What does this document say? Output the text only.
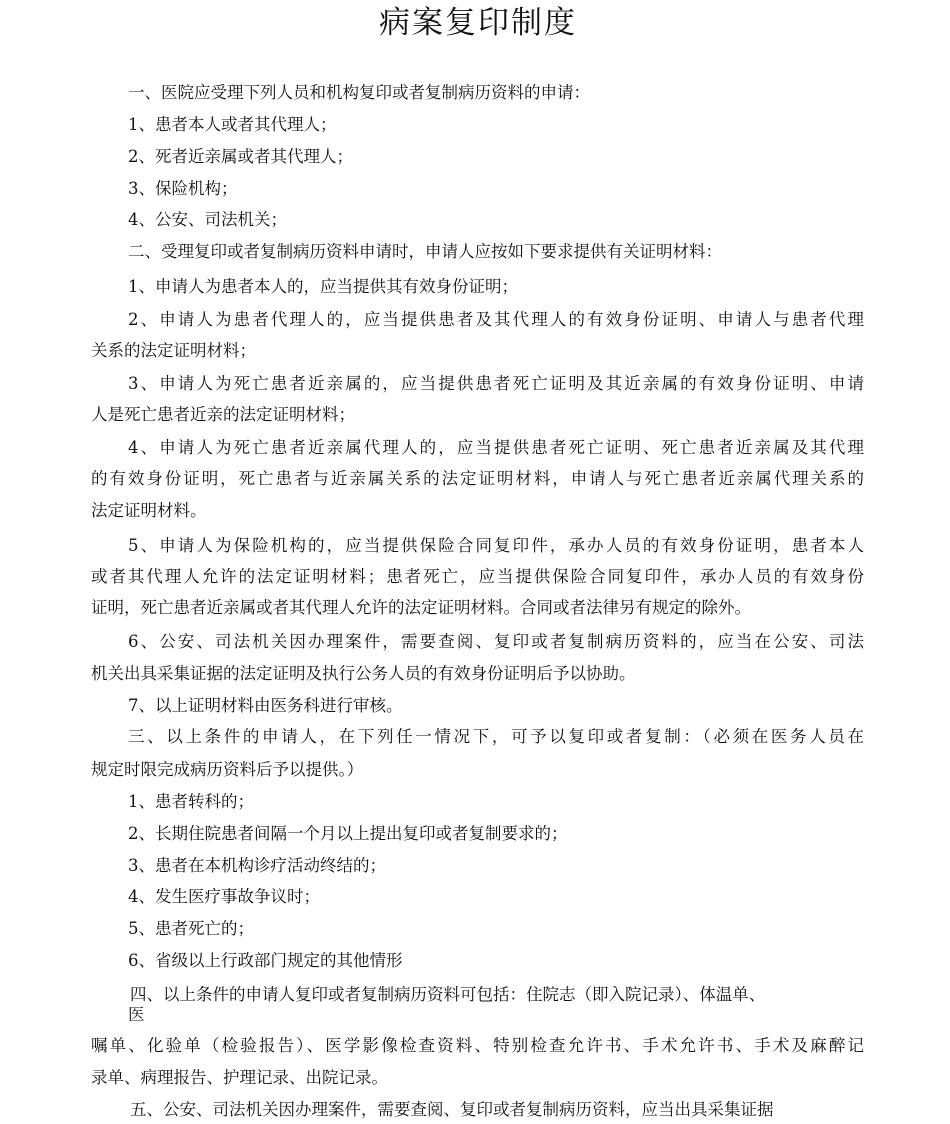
病案复印制度
一、医院应受理下列人员和机构复印或者复制病历资料的申请：
1、患者本人或者其代理人；
2、死者近亲属或者其代理人；
3、保险机构；
4、公安、司法机关；
二、受理复印或者复制病历资料申请时，申请人应按如下要求提供有关证明材料：
1、申请人为患者本人的，应当提供其有效身份证明；
2、申请人为患者代理人的，应当提供患者及其代理人的有效身份证明、申请人与患者代理
关系的法定证明材料；
3、申请人为死亡患者近亲属的，应当提供患者死亡证明及其近亲属的有效身份证明、申请
人是死亡患者近亲的法定证明材料；
4、申请人为死亡患者近亲属代理人的，应当提供患者死亡证明、死亡患者近亲属及其代理
的有效身份证明，死亡患者与近亲属关系的法定证明材料，申请人与死亡患者近亲属代理关系的
法定证明材料。
5、申请人为保险机构的，应当提供保险合同复印件，承办人员的有效身份证明，患者本人
或者其代理人允许的法定证明材料；患者死亡，应当提供保险合同复印件，承办人员的有效身份
证明，死亡患者近亲属或者其代理人允许的法定证明材料。合同或者法律另有规定的除外。
6、公安、司法机关因办理案件，需要查阅、复印或者复制病历资料的，应当在公安、司法
机关出具采集证据的法定证明及执行公务人员的有效身份证明后予以协助。
7、以上证明材料由医务科进行审核。
三、以上条件的申请人，在下列任一情况下，可予以复印或者复制：（必须在医务人员在
规定时限完成病历资料后予以提供。）
1、患者转科的；
2、长期住院患者间隔一个月以上提出复印或者复制要求的；
3、患者在本机构诊疗活动终结的；
4、发生医疗事故争议时；
5、患者死亡的；
6、省级以上行政部门规定的其他情形
四、以上条件的申请人复印或者复制病历资料可包括：住院志（即入院记录）、体温单、
医
嘱单、化验单（检验报告）、医学影像检查资料、特别检查允许书、手术允许书、手术及麻醉记
录单、病理报告、护理记录、出院记录。
五、公安、司法机关因办理案件，需要查阅、复印或者复制病历资料，应当出具采集证据
